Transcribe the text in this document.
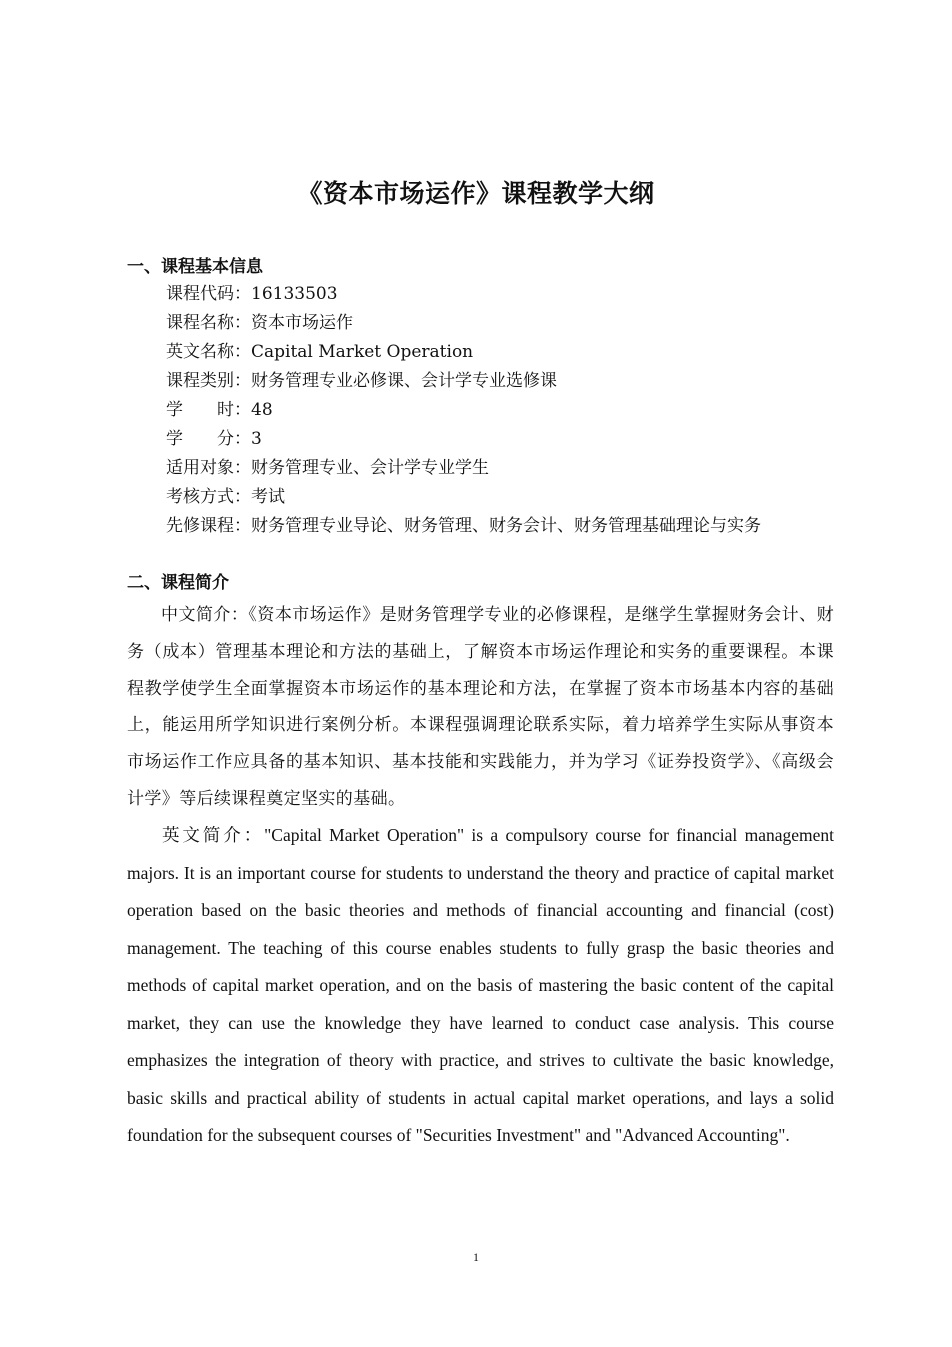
《资本市场运作》课程教学大纲
一、课程基本信息
课程代码：16133503
课程名称：资本市场运作
英文名称：Capital Market Operation
课程类别：财务管理专业必修课、会计学专业选修课
学　　时：48
学　　分：3
适用对象：财务管理专业、会计学专业学生
考核方式：考试
先修课程：财务管理专业导论、财务管理、财务会计、财务管理基础理论与实务
二、课程简介

中文简介：《资本市场运作》是财务管理学专业的必修课程，是继学生掌握财务会计、财务（成本）管理基本理论和方法的基础上，了解资本市场运作理论和实务的重要课程。本课程教学使学生全面掌握资本市场运作的基本理论和方法，在掌握了资本市场基本内容的基础上，能运用所学知识进行案例分析。本课程强调理论联系实际，着力培养学生实际从事资本市场运作工作应具备的基本知识、基本技能和实践能力，并为学习《证券投资学》、《高级会计学》等后续课程奠定坚实的基础。

英文简介："Capital Market Operation" is a compulsory course for financial management majors. It is an important course for students to understand the theory and practice of capital market operation based on the basic theories and methods of financial accounting and financial (cost) management. The teaching of this course enables students to fully grasp the basic theories and methods of capital market operation, and on the basis of mastering the basic content of the capital market, they can use the knowledge they have learned to conduct case analysis. This course emphasizes the integration of theory with practice, and strives to cultivate the basic knowledge, basic skills and practical ability of students in actual capital market operations, and lays a solid foundation for the subsequent courses of "Securities Investment" and "Advanced Accounting".

1
